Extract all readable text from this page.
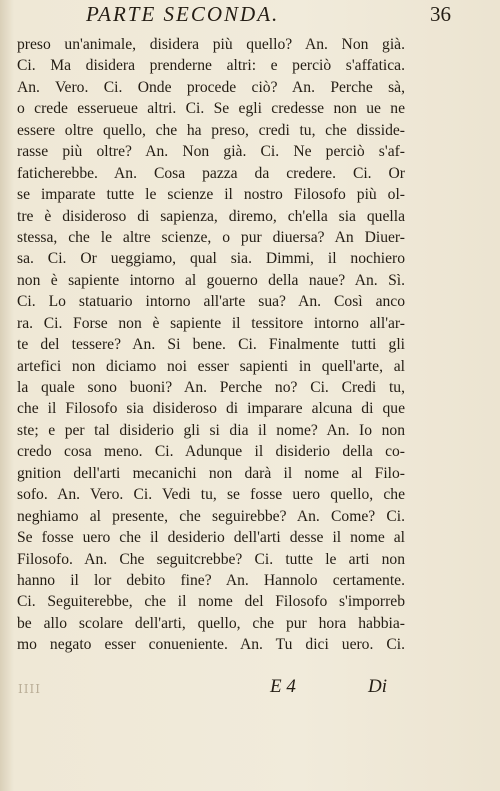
PARTE SECONDA.	36
preso un'animale, disidera più quello? An. Non già.
Ci. Ma disidera prenderne altri: e perciò s'affatica.
An. Vero. Ci. Onde procede ciò? An. Perche sà,
o crede esserueue altri. Ci. Se egli credesse non ue ne
essere oltre quello, che ha preso, credi tu, che disside-
rasse più oltre? An. Non già. Ci. Ne perciò s'af-
faticherebbe. An. Cosa pazza da credere. Ci. Or
se imparate tutte le scienze il nostro Filosofo più ol-
tre è disideroso di sapienza, diremo, ch'ella sia quella
stessa, che le altre scienze, o pur diuersa? An Diuer-
sa. Ci. Or ueggiamo, qual sia. Dimmi, il nochiero
non è sapiente intorno al gouerno della naue? An. Sì.
Ci. Lo statuario intorno all'arte sua? An. Così anco
ra. Ci. Forse non è sapiente il tessitore intorno all'ar-
te del tessere? An. Si bene. Ci. Finalmente tutti gli
artefici non diciamo noi esser sapienti in quell'arte, al
la quale sono buoni? An. Perche no? Ci. Credi tu,
che il Filosofo sia disideroso di imparare alcuna di que
ste; e per tal disiderio gli si dia il nome? An. Io non
credo cosa meno. Ci. Adunque il disiderio della co-
gnition dell'arti mecanichi non darà il nome al Filo-
sofo. An. Vero. Ci. Vedi tu, se fosse uero quello, che
neghiamo al presente, che seguirebbe? An. Come? Ci.
Se fosse uero che il desiderio dell'arti desse il nome al
Filosofo. An. Che seguitcrebbe? Ci. tutte le arti non
hanno il lor debito fine? An. Hannolo certamente.
Ci. Seguiterebbe, che il nome del Filosofo s'imporreb
be allo scolare dell'arti, quello, che pur hora habbia-
mo negato esser conueniente. An. Tu dici uero. Ci.
IIII	E 4	Di
